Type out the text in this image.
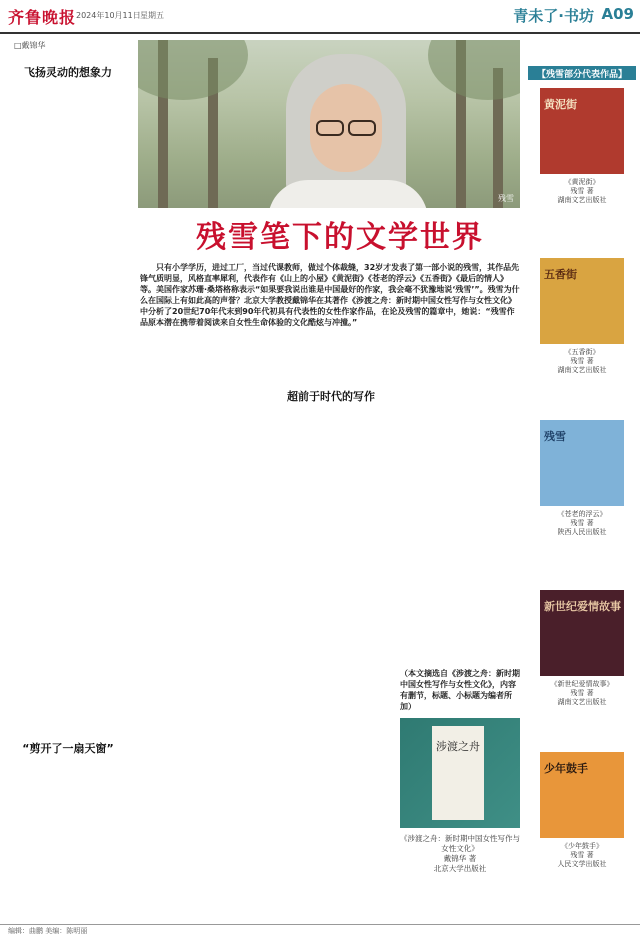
齐鲁晚报 2024年10月11日 星期五	青未了·书坊 A09
□戴锦华
飞扬灵动的想象力
“剪开了一扇天窗”
残雪
残雪笔下的文学世界
只有小学学历，进过工厂，当过代课教师，做过个体裁缝，32岁才发表了第一部小说的残雪，其作品先锋气质明显，风格直率犀利，代表作有《山上的小屋》《黄泥街》《苍老的浮云》《五香街》《最后的情人》等。美国作家苏珊·桑塔格称表示“如果要我说出谁是中国最好的作家，我会毫不犹豫地说‘残雪’”。残雪为什么在国际上有如此高的声誉？北京大学教授戴锦华在其著作《涉渡之舟：新时期中国女性写作与女性文化》中分析了20世纪70年代末到90年代初具有代表性的女性作家作品，在论及残雪的篇章中，她说：“残雪作品原本潜在携带着阅读来自女性生命体验的文化酷炫与冲撞。”
超前于时代的写作
（本文摘选自《涉渡之舟：新时期中国女性写作与女性文化》，内容有删节，标题、小标题为编者所加）
涉渡之舟
《涉渡之舟：新时期中国女性写作与女性文化》
戴锦华 著
北京大学出版社
【残雪部分代表作品】
黄泥街
《黄泥街》
残雪 著
湖南文艺出版社
五香街
《五香街》
残雪 著
湖南文艺出版社
残雪
《苍老的浮云》
残雪 著
陕西人民出版社
新世纪爱情故事
《新世纪爱情故事》
残雪 著
湖南文艺出版社
少年鼓手
《少年鼓手》
残雪 著
人民文学出版社
编辑：曲鹏 美编：陈明丽
